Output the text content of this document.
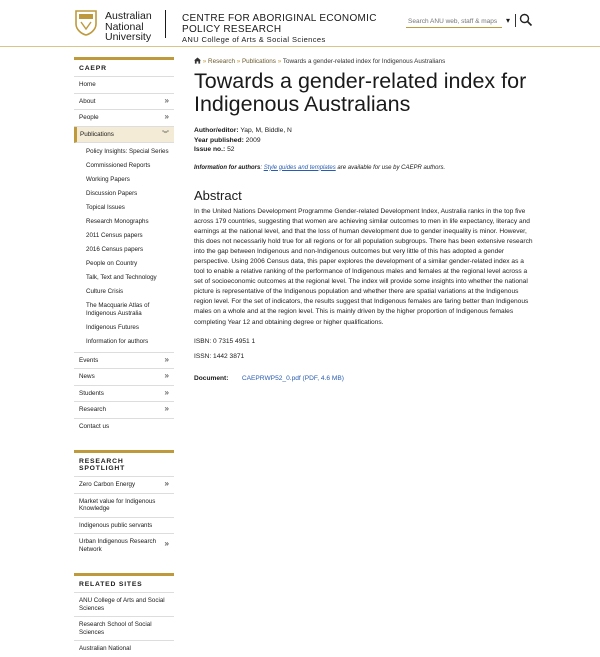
Australian
National
University
CENTRE FOR ABORIGINAL ECONOMIC
POLICY RESEARCH
ANU College of Arts & Social Sciences
Search ANU web, staff & maps
▾
CAEPR
Home
About	»
People	»
Publications	︾
Policy Insights: Special Series
Commissioned Reports
Working Papers
Discussion Papers
Topical Issues
Research Monographs
2011 Census papers
2016 Census papers
People on Country
Talk, Text and Technology
Culture Crisis
The Macquarie Atlas of Indigenous Australia
Indigenous Futures
Information for authors
Events	»
News	»
Students	»
Research	»
Contact us
RESEARCH SPOTLIGHT
Zero Carbon Energy	»
Market value for Indigenous Knowledge
Indigenous public servants
Urban Indigenous Research Network
»
RELATED SITES
ANU College of Arts and Social Sciences
Research School of Social Sciences
Australian National
» Research » Publications » Towards a gender-related index for Indigenous Australians
Towards a gender-related index for Indigenous Australians
Author/editor: Yap, M, Biddle, N
Year published: 2009
Issue no.: 52
Information for authors: Style guides and templates are available for use by CAEPR authors.
Abstract

In the United Nations Development Programme Gender-related Development Index, Australia ranks in the top five across 179 countries, suggesting that women are achieving similar outcomes to men in life expectancy, literacy and earnings at the national level, and that the loss of human development due to gender inequality is minor. However, this does not necessarily hold true for all regions or for all population subgroups. There has been extensive research into the gap between Indigenous and non-Indigenous outcomes but very little of this has adopted a gender perspective. Using 2006 Census data, this paper explores the development of a similar gender-related index as a tool to enable a relative ranking of the performance of Indigenous males and females at the regional level across a set of socioeconomic outcomes at the regional level. The index will provide some insights into whether the national picture is representative of the Indigenous population and whether there are spatial variations at the Indigenous region level. For the set of indicators, the results suggest that Indigenous females are faring better than Indigenous males on a whole and at the region level. This is mainly driven by the higher proportion of Indigenous females completing Year 12 and obtaining degree or higher qualifications.

ISBN: 0 7315 4951 1
ISSN: 1442 3871
Document: CAEPRWP52_0.pdf (PDF, 4.6 MB)
